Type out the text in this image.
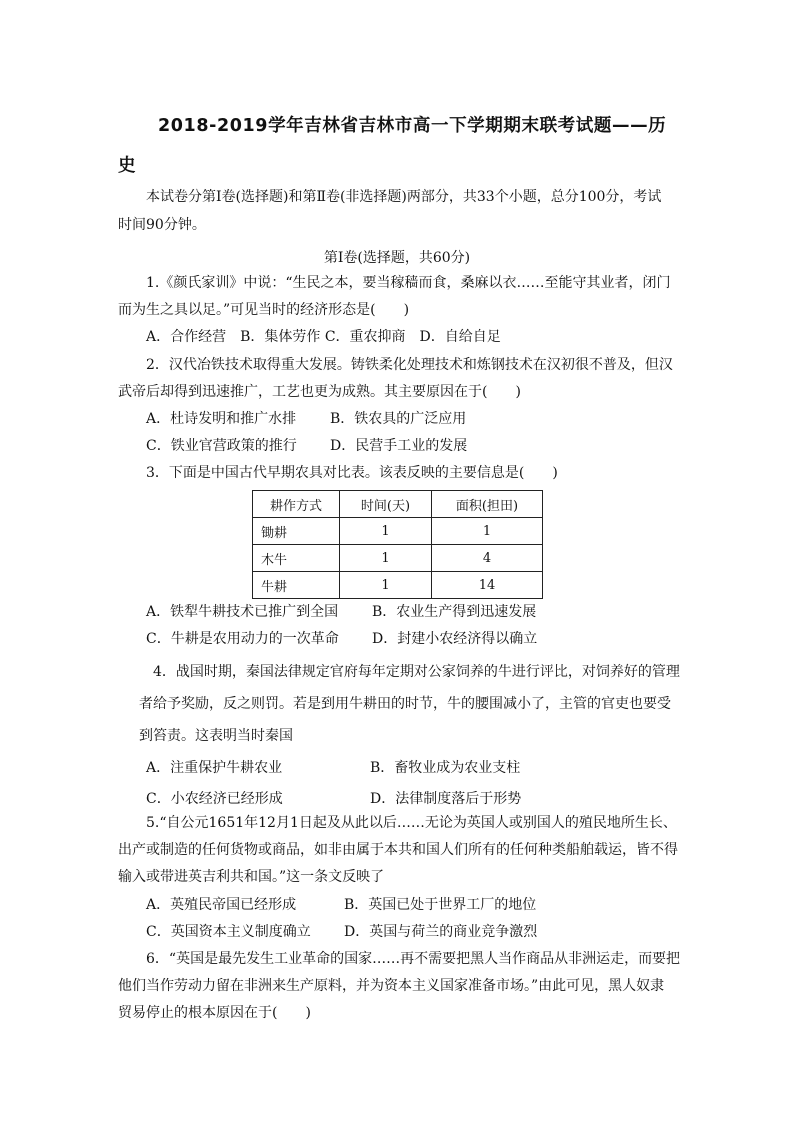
2018-2019学年吉林省吉林市高一下学期期末联考试题——历
史
本试卷分第Ⅰ卷(选择题)和第Ⅱ卷(非选择题)两部分，共33个小题，总分100分，考试
时间90分钟。
第Ⅰ卷(选择题，共60分)
1.《颜氏家训》中说：“生民之本，要当稼穑而食，桑麻以衣……至能守其业者，闭门
而为生之具以足。”可见当时的经济形态是(　　)
A．合作经营　B．集体劳作 C．重农抑商　D．自给自足
2．汉代冶铁技术取得重大发展。铸铁柔化处理技术和炼钢技术在汉初很不普及，但汉
武帝后却得到迅速推广，工艺也更为成熟。其主要原因在于(　　)
A．杜诗发明和推广水排 B．铁农具的广泛应用
C．铁业官营政策的推行 D．民营手工业的发展
3．下面是中国古代早期农具对比表。该表反映的主要信息是(　　)
耕作方式	时间(天)	面积(担田)
锄耕	1	1
木牛	1	4
牛耕	1	14
A．铁犁牛耕技术已推广到全国 B．农业生产得到迅速发展
C．牛耕是农用动力的一次革命 D．封建小农经济得以确立
4．战国时期，秦国法律规定官府每年定期对公家饲养的牛进行评比，对饲养好的管理
者给予奖励，反之则罚。若是到用牛耕田的时节，牛的腰围减小了，主管的官吏也要受
到笞责。这表明当时秦国
A．注重保护牛耕农业	B．畜牧业成为农业支柱
C．小农经济已经形成	D．法律制度落后于形势
5.“自公元1651年12月1日起及从此以后……无论为英国人或别国人的殖民地所生长、
出产或制造的任何货物或商品，如非由属于本共和国人们所有的任何种类船舶载运，皆不得
输入或带进英吉利共和国。”这一条文反映了
A．英殖民帝国已经形成	B．英国已处于世界工厂的地位
C．英国资本主义制度确立 D．英国与荷兰的商业竞争激烈
6．“英国是最先发生工业革命的国家……再不需要把黑人当作商品从非洲运走，而要把
他们当作劳动力留在非洲来生产原料，并为资本主义国家准备市场。”由此可见，黑人奴隶
贸易停止的根本原因在于(　　)
